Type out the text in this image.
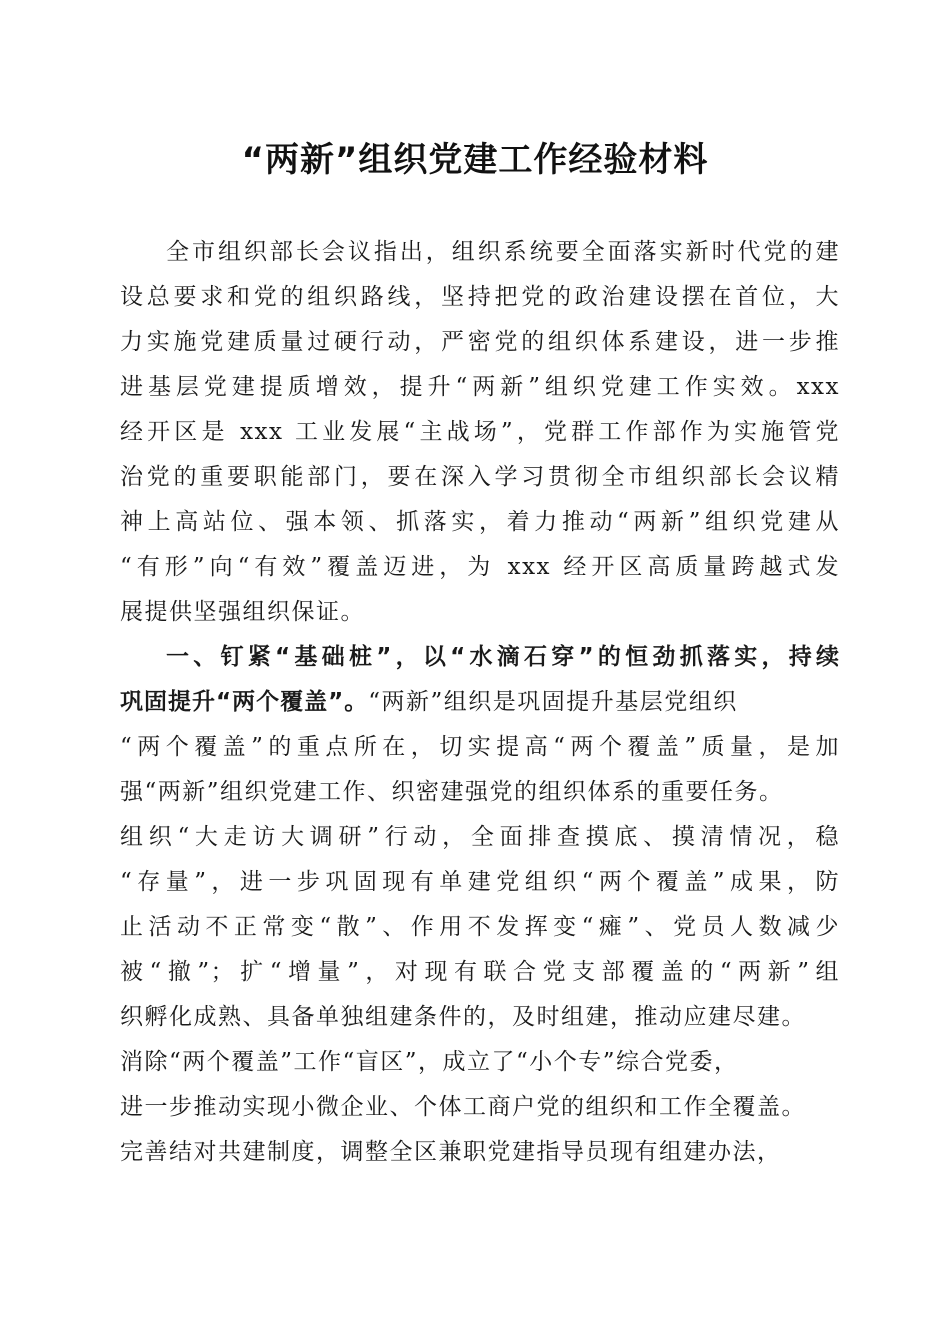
“两新”组织党建工作经验材料
全市组织部长会议指出，组织系统要全面落实新时代党的建
设总要求和党的组织路线，坚持把党的政治建设摆在首位，大
力实施党建质量过硬行动，严密党的组织体系建设，进一步推
进基层党建提质增效，提升“两新”组织党建工作实效。xxx
经开区是 xxx 工业发展“主战场”，党群工作部作为实施管党
治党的重要职能部门，要在深入学习贯彻全市组织部长会议精
神上高站位、强本领、抓落实，着力推动“两新”组织党建从
“有形”向“有效”覆盖迈进，为 xxx 经开区高质量跨越式发
展提供坚强组织保证。
一、钉紧“基础桩”，以“水滴石穿”的恒劲抓落实，持续
巩固提升“两个覆盖”。“两新”组织是巩固提升基层党组织
“两个覆盖”的重点所在，切实提高“两个覆盖”质量，是加
强“两新”组织党建工作、织密建强党的组织体系的重要任务。
组织“大走访大调研”行动，全面排查摸底、摸清情况，稳
“存量”，进一步巩固现有单建党组织“两个覆盖”成果，防
止活动不正常变“散”、作用不发挥变“瘫”、党员人数减少
被“撤”；扩“增量”，对现有联合党支部覆盖的“两新”组
织孵化成熟、具备单独组建条件的，及时组建，推动应建尽建。
消除“两个覆盖”工作“盲区”，成立了“小个专”综合党委，
进一步推动实现小微企业、个体工商户党的组织和工作全覆盖。
完善结对共建制度，调整全区兼职党建指导员现有组建办法，
